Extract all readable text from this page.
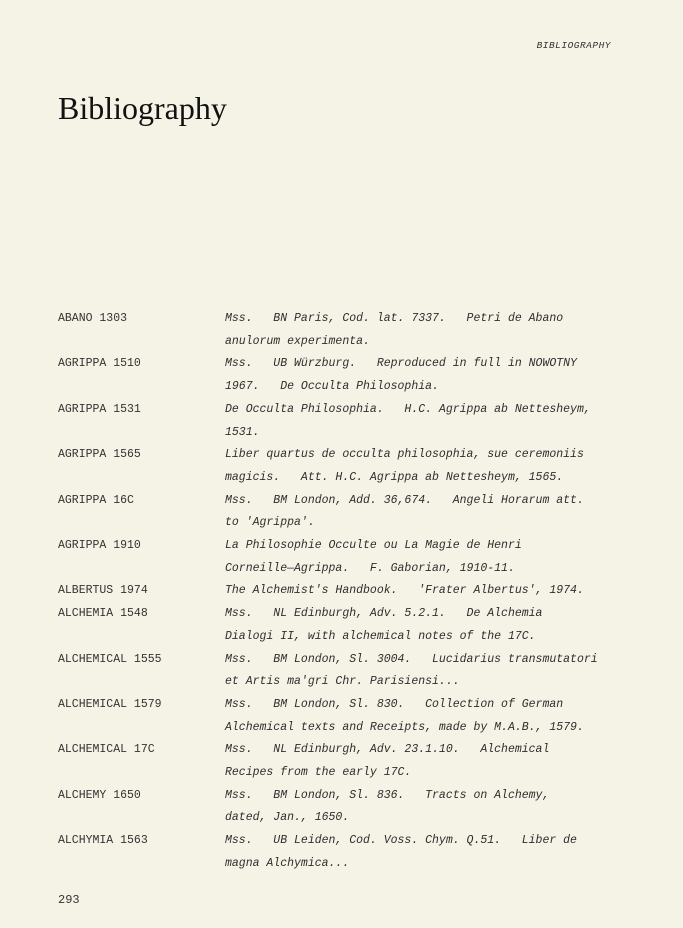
BIBLIOGRAPHY
Bibliography
ABANO 1303	Mss.   BN Paris, Cod. lat. 7337.   Petri de Abano
anulorum experimenta.
AGRIPPA 1510	Mss.   UB Würzburg.   Reproduced in full in NOWOTNY
1967.   De Occulta Philosophia.
AGRIPPA 1531	De Occulta Philosophia.   H.C. Agrippa ab Nettesheym,
1531.
AGRIPPA 1565	Liber quartus de occulta philosophia, sue ceremoniis
magicis.   Att. H.C. Agrippa ab Nettesheym, 1565.
AGRIPPA 16C	Mss.   BM London, Add. 36,674.   Angeli Horarum att.
to 'Agrippa'.
AGRIPPA 1910	La Philosophie Occulte ou La Magie de Henri
Corneille—Agrippa.   F. Gaborian, 1910-11.
ALBERTUS 1974	The Alchemist's Handbook.   'Frater Albertus', 1974.
ALCHEMIA 1548	Mss.   NL Edinburgh, Adv. 5.2.1.   De Alchemia
Dialogi II, with alchemical notes of the 17C.
ALCHEMICAL 1555	Mss.   BM London, Sl. 3004.   Lucidarius transmutatori
et Artis ma'gri Chr. Parisiensi...
ALCHEMICAL 1579	Mss.   BM London, Sl. 830.   Collection of German
Alchemical texts and Receipts, made by M.A.B., 1579.
ALCHEMICAL 17C	Mss.   NL Edinburgh, Adv. 23.1.10.   Alchemical
Recipes from the early 17C.
ALCHEMY 1650	Mss.   BM London, Sl. 836.   Tracts on Alchemy,
dated, Jan., 1650.
ALCHYMIA 1563	Mss.   UB Leiden, Cod. Voss. Chym. Q.51.   Liber de
magna Alchymica...
293
